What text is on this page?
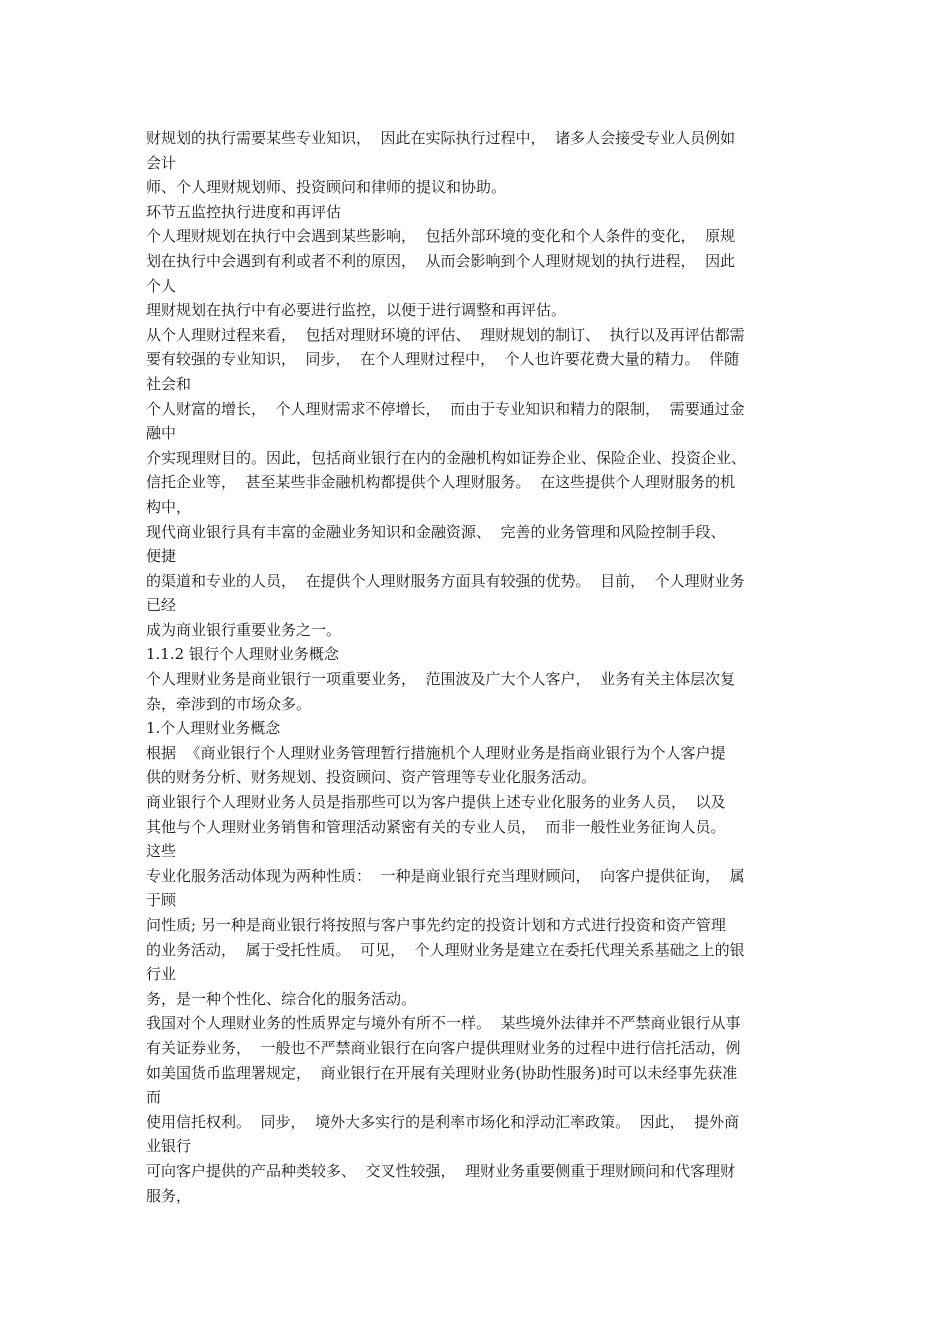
财规划的执行需要某些专业知识，  因此在实际执行过程中，  诸多人会接受专业人员例如
会计
师、个人理财规划师、投资顾问和律师的提议和协助。
环节五监控执行进度和再评估
个人理财规划在执行中会遇到某些影响，  包括外部环境的变化和个人条件的变化，  原规
划在执行中会遇到有利或者不利的原因，  从而会影响到个人理财规划的执行进程，  因此
个人
理财规划在执行中有必要进行监控，以便于进行调整和再评估。
从个人理财过程来看，  包括对理财环境的评估、  理财规划的制订、  执行以及再评估都需
要有较强的专业知识，  同步，  在个人理财过程中，  个人也许要花费大量的精力。  伴随
社会和
个人财富的增长，  个人理财需求不停增长，  而由于专业知识和精力的限制，  需要通过金
融中
介实现理财目的。因此，包括商业银行在内的金融机构如证券企业、保险企业、投资企业、
信托企业等，  甚至某些非金融机构都提供个人理财服务。  在这些提供个人理财服务的机
构中，
现代商业银行具有丰富的金融业务知识和金融资源、  完善的业务管理和风险控制手段、
便捷
的渠道和专业的人员，  在提供个人理财服务方面具有较强的优势。  目前，  个人理财业务
已经
成为商业银行重要业务之一。
1.1.2 银行个人理财业务概念
个人理财业务是商业银行一项重要业务，  范围波及广大个人客户，  业务有关主体层次复
杂，牵涉到的市场众多。
1.个人理财业务概念
根据  《商业银行个人理财业务管理暂行措施机个人理财业务是指商业银行为个人客户提
供的财务分析、财务规划、投资顾问、资产管理等专业化服务活动。
商业银行个人理财业务人员是指那些可以为客户提供上述专业化服务的业务人员，  以及
其他与个人理财业务销售和管理活动紧密有关的专业人员，  而非一般性业务征询人员。
这些
专业化服务活动体现为两种性质：  一种是商业银行充当理财顾问，  向客户提供征询，  属
于顾
问性质; 另一种是商业银行将按照与客户事先约定的投资计划和方式进行投资和资产管理
的业务活动，  属于受托性质。  可见，  个人理财业务是建立在委托代理关系基础之上的银
行业
务，是一种个性化、综合化的服务活动。
我国对个人理财业务的性质界定与境外有所不一样。  某些境外法律并不严禁商业银行从事
有关证券业务，  一般也不严禁商业银行在向客户提供理财业务的过程中进行信托活动，例
如美国货币监理署规定，  商业银行在开展有关理财业务(协助性服务)时可以未经事先获准
而
使用信托权利。  同步，  境外大多实行的是利率市场化和浮动汇率政策。  因此，  提外商
业银行
可向客户提供的产品种类较多、  交叉性较强，  理财业务重要侧重于理财顾问和代客理财
服务，
